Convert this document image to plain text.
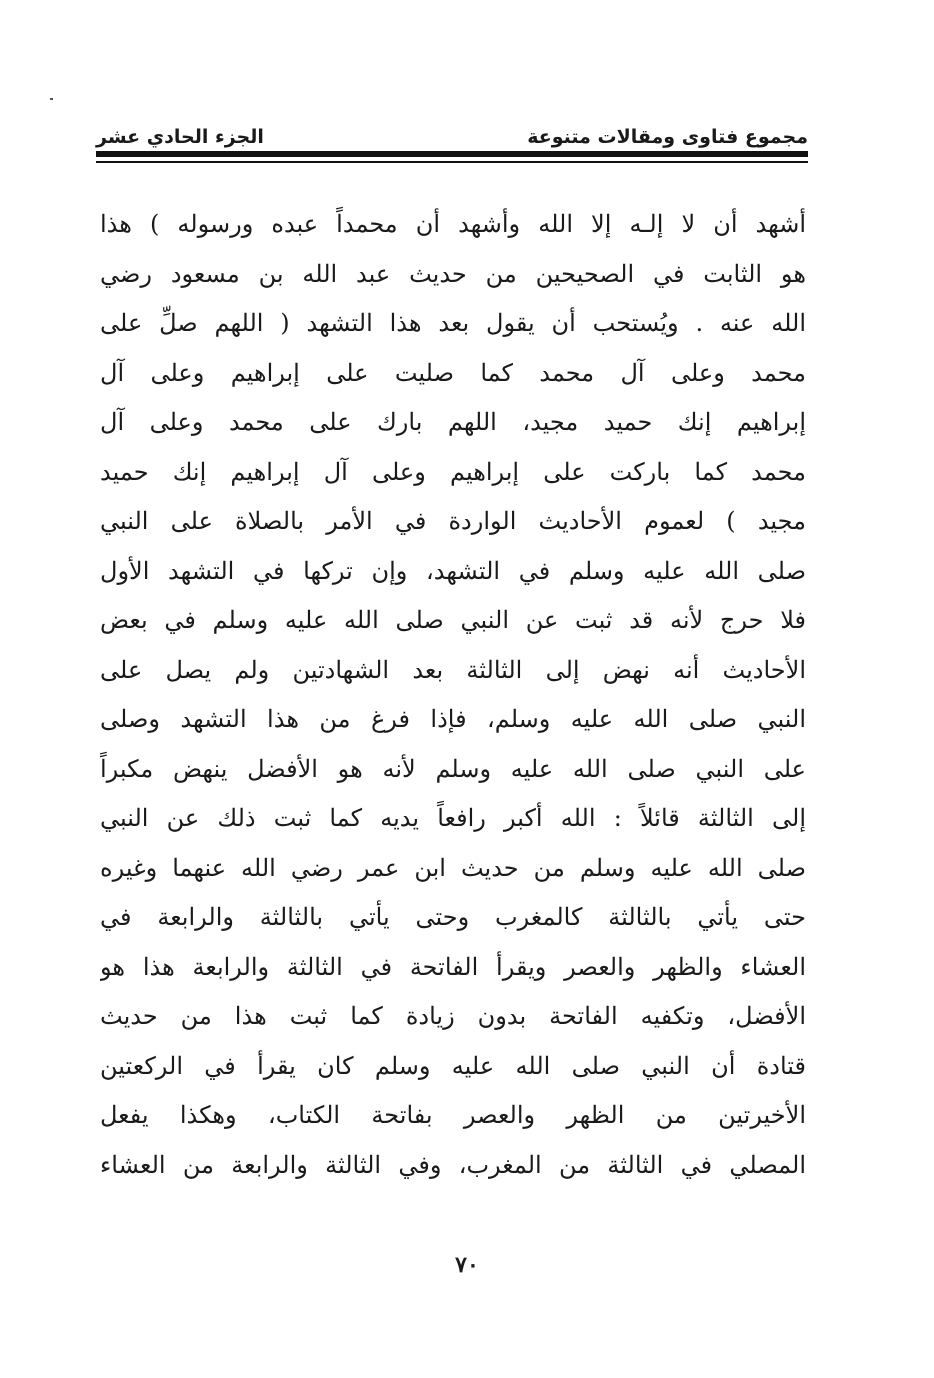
مجموع فتاوى ومقالات متنوعة
الجزء الحادي عشر
أشهد أن لا إلـه إلا الله وأشهد أن محمداً عبده ورسوله ) هذا
هو الثابت في الصحيحين من حديث عبد الله بن مسعود رضي
الله عنه . ويُستحب أن يقول بعد هذا التشهد ( اللهم صلِّ على
محمد وعلى آل محمد كما صليت على إبراهيم وعلى آل
إبراهيم إنك حميد مجيد، اللهم بارك على محمد وعلى آل
محمد كما باركت على إبراهيم وعلى آل إبراهيم إنك حميد
مجيد ) لعموم الأحاديث الواردة في الأمر بالصلاة على النبي
صلى الله عليه وسلم في التشهد، وإن تركها في التشهد الأول
فلا حرج لأنه قد ثبت عن النبي صلى الله عليه وسلم في بعض
الأحاديث أنه نهض إلى الثالثة بعد الشهادتين ولم يصل على
النبي صلى الله عليه وسلم، فإذا فرغ من هذا التشهد وصلى
على النبي صلى الله عليه وسلم لأنه هو الأفضل ينهض مكبراً
إلى الثالثة قائلاً : الله أكبر رافعاً يديه كما ثبت ذلك عن النبي
صلى الله عليه وسلم من حديث ابن عمر رضي الله عنهما وغيره
حتى يأتي بالثالثة كالمغرب وحتى يأتي بالثالثة والرابعة في
العشاء والظهر والعصر ويقرأ الفاتحة في الثالثة والرابعة هذا هو
الأفضل، وتكفيه الفاتحة بدون زيادة كما ثبت هذا من حديث
قتادة أن النبي صلى الله عليه وسلم كان يقرأ في الركعتين
الأخيرتين من الظهر والعصر بفاتحة الكتاب، وهكذا يفعل
المصلي في الثالثة من المغرب، وفي الثالثة والرابعة من العشاء
٧٠
